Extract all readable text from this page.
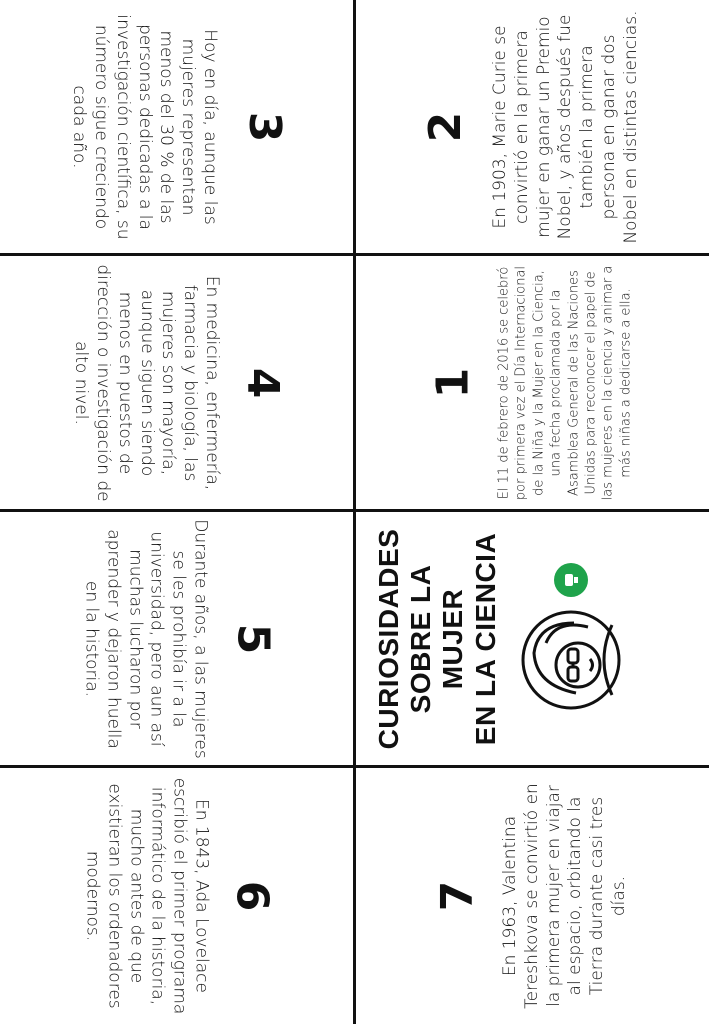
3
Hoy en día, aunque las mujeres representan menos del 30 % de las personas dedicadas a la investigación científica, su número sigue creciendo cada año.	2 En 1903, Marie Curie se convirtió en la primera mujer en ganar un Premio Nobel, y años después fue también la primera persona en ganar dos Nobel en distintas ciencias.
4
En medicina, enfermería, farmacia y biología, las mujeres son mayoría, aunque siguen siendo menos en puestos de dirección o investigación de alto nivel.	1 El 11 de febrero de 2016 se celebró por primera vez el Día Internacional de la Niña y la Mujer en la Ciencia, una fecha proclamada por la Asamblea General de las Naciones Unidas para reconocer el papel de las mujeres en la ciencia y animar a más niñas a dedicarse a ella.
5
Durante años, a las mujeres se les prohibía ir a la universidad, pero aun así muchas lucharon por aprender y dejaron huella en la historia.	CURIOSIDADES SOBRE LA MUJER EN LA CIENCIA
6
En 1843, Ada Lovelace escribió el primer programa informático de la historia, mucho antes de que existieran los ordenadores modernos.	7 En 1963, Valentina Tereshkova se convirtió en la primera mujer en viajar al espacio, orbitando la Tierra durante casi tres días.
